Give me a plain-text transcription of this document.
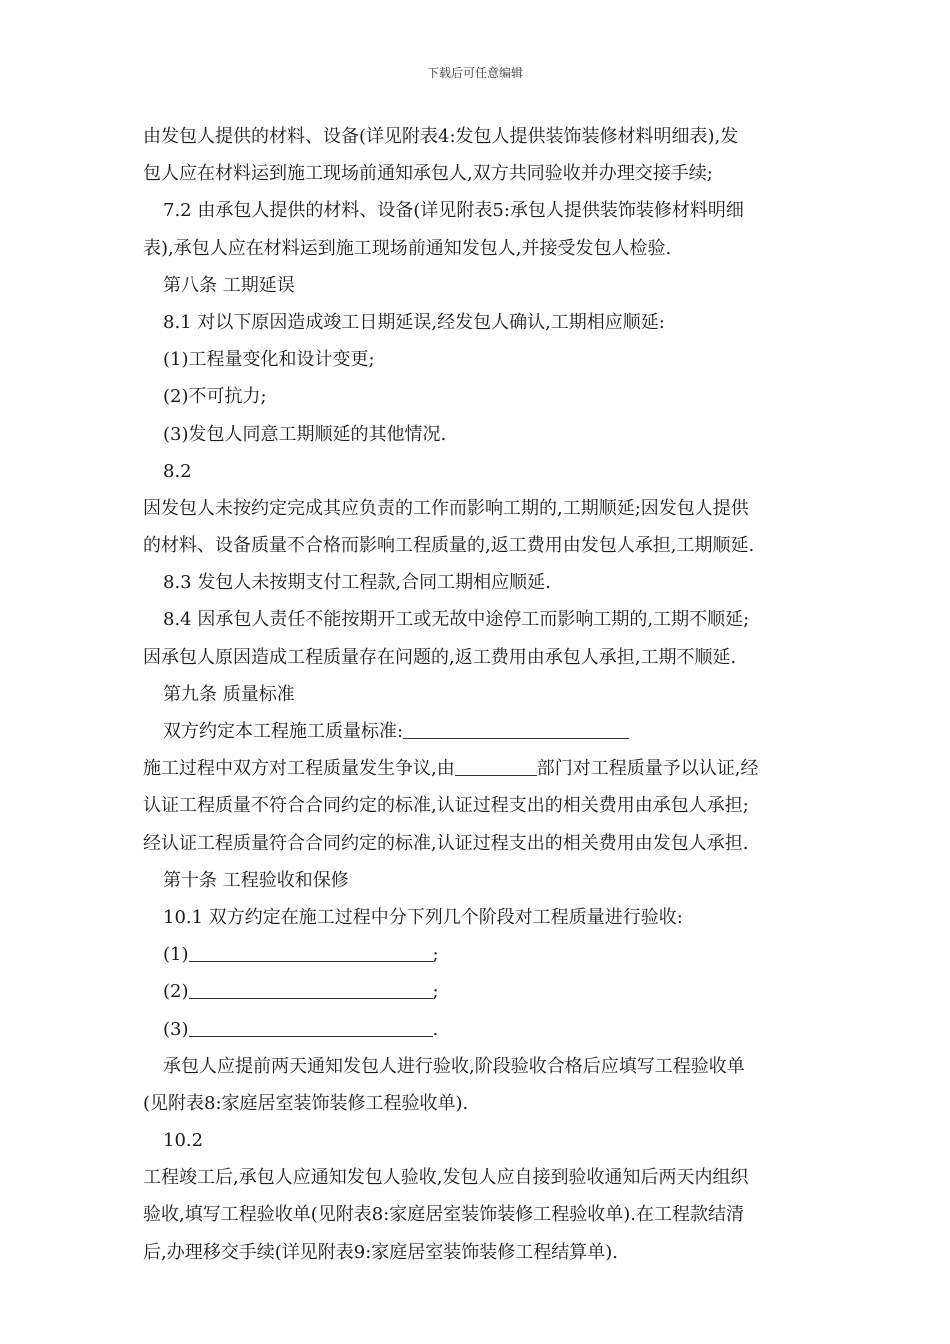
下载后可任意编辑
由发包人提供的材料、设备(详见附表4:发包人提供装饰装修材料明细表),发
包人应在材料运到施工现场前通知承包人,双方共同验收并办理交接手续;
7.2 由承包人提供的材料、设备(详见附表5:承包人提供装饰装修材料明细
表),承包人应在材料运到施工现场前通知发包人,并接受发包人检验.
第八条 工期延误
8.1 对以下原因造成竣工日期延误,经发包人确认,工期相应顺延:
(1)工程量变化和设计变更;
(2)不可抗力;
(3)发包人同意工期顺延的其他情况.
8.2
因发包人未按约定完成其应负责的工作而影响工期的,工期顺延;因发包人提供
的材料、设备质量不合格而影响工程质量的,返工费用由发包人承担,工期顺延.
8.3 发包人未按期支付工程款,合同工期相应顺延.
8.4 因承包人责任不能按期开工或无故中途停工而影响工期的,工期不顺延;
因承包人原因造成工程质量存在问题的,返工费用由承包人承担,工期不顺延.
第九条 质量标准
双方约定本工程施工质量标准:
施工过程中双方对工程质量发生争议,由	部门对工程质量予以认证,经
认证工程质量不符合合同约定的标准,认证过程支出的相关费用由承包人承担;
经认证工程质量符合合同约定的标准,认证过程支出的相关费用由发包人承担.
第十条 工程验收和保修
10.1 双方约定在施工过程中分下列几个阶段对工程质量进行验收:
(1)	;
(2)	;
(3)	.
承包人应提前两天通知发包人进行验收,阶段验收合格后应填写工程验收单
(见附表8:家庭居室装饰装修工程验收单).
10.2
工程竣工后,承包人应通知发包人验收,发包人应自接到验收通知后两天内组织
验收,填写工程验收单(见附表8:家庭居室装饰装修工程验收单).在工程款结清
后,办理移交手续(详见附表9:家庭居室装饰装修工程结算单).
